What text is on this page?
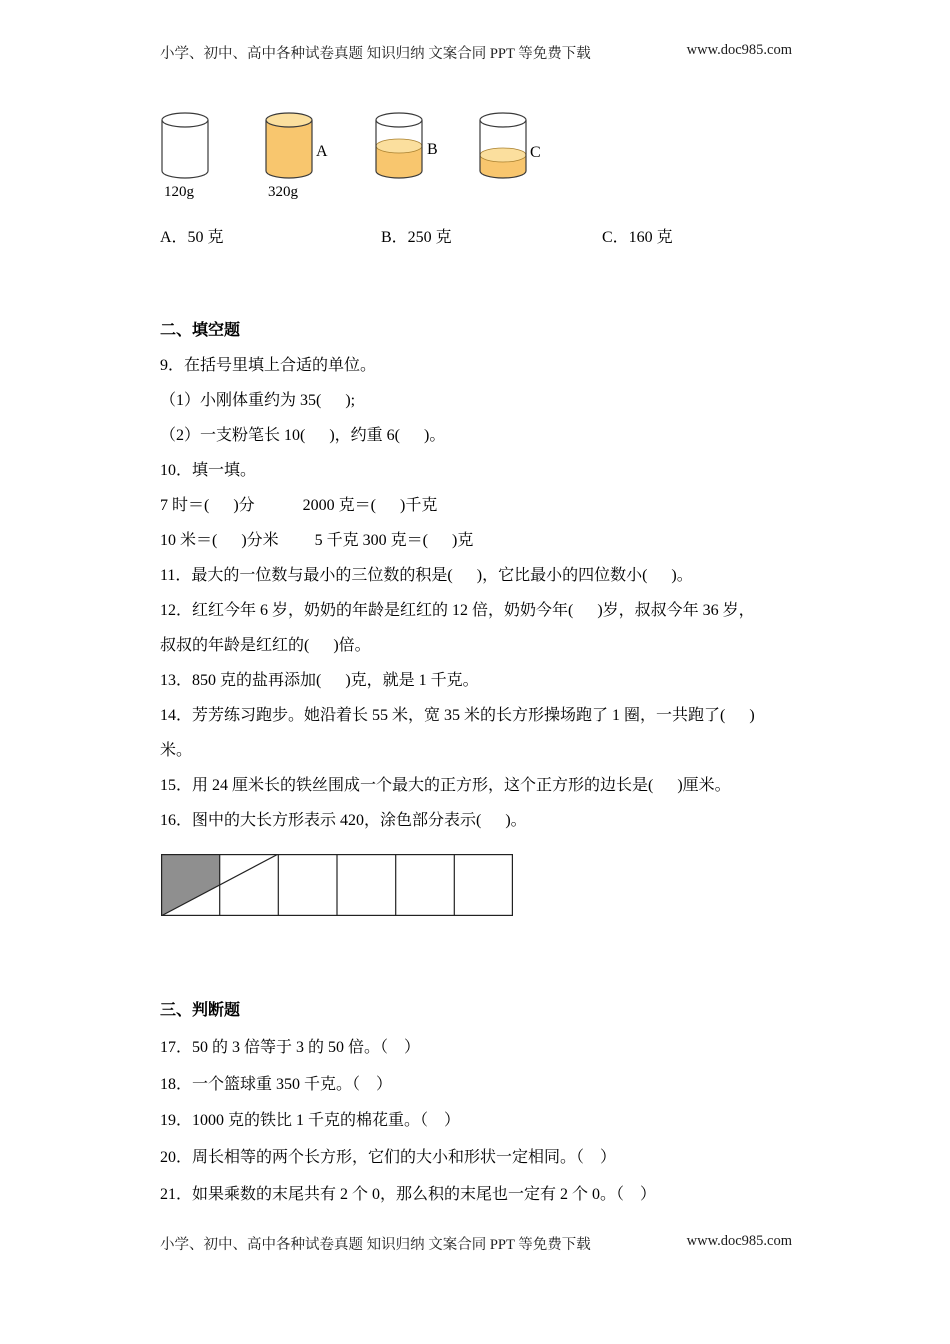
小学、初中、高中各种试卷真题 知识归纳 文案合同 PPT 等免费下载	www.doc985.com
A	B	C
120g	320g
A．50 克	B．250 克	C．160 克

二、填空题

9．在括号里填上合适的单位。

（1）小刚体重约为 35(      );

（2）一支粉笔长 10(      )，约重 6(      )。

10．填一填。

7 时＝(      )分            2000 克＝(      )千克

10 米＝(      )分米         5 千克 300 克＝(      )克

11．最大的一位数与最小的三位数的积是(      )，它比最小的四位数小(      )。

12．红红今年 6 岁，奶奶的年龄是红红的 12 倍，奶奶今年(      )岁，叔叔今年 36 岁，

叔叔的年龄是红红的(      )倍。

13．850 克的盐再添加(      )克，就是 1 千克。

14．芳芳练习跑步。她沿着长 55 米，宽 35 米的长方形操场跑了 1 圈，一共跑了(      )

米。

15．用 24 厘米长的铁丝围成一个最大的正方形，这个正方形的边长是(      )厘米。

16．图中的大长方形表示 420，涂色部分表示(      )。

三、判断题

17．50 的 3 倍等于 3 的 50 倍。（    ）

18．一个篮球重 350 千克。（    ）

19．1000 克的铁比 1 千克的棉花重。（    ）

20．周长相等的两个长方形，它们的大小和形状一定相同。（    ）

21．如果乘数的末尾共有 2 个 0，那么积的末尾也一定有 2 个 0。（    ）

小学、初中、高中各种试卷真题 知识归纳 文案合同 PPT 等免费下载	www.doc985.com
